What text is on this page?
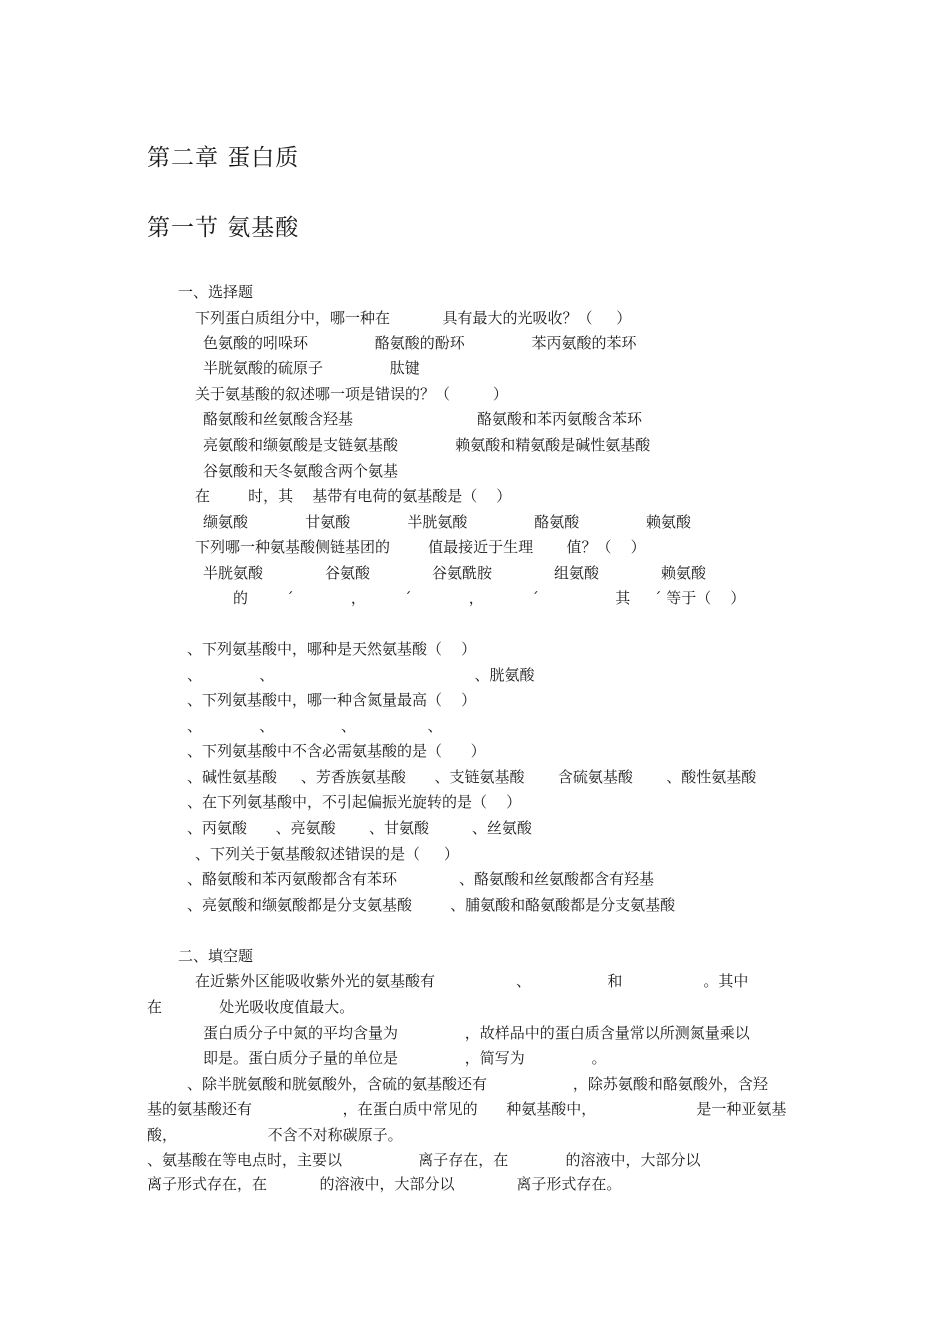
第二章 蛋白质
第一节 氨基酸
一、选择题
下列蛋白质组分中，哪一种在           具有最大的光吸收？（     ）
色氨酸的吲哚环              酪氨酸的酚环              苯丙氨酸的苯环
半胱氨酸的硫原子              肽键
关于氨基酸的叙述哪一项是错误的？（         ）
酪氨酸和丝氨酸含羟基                          酪氨酸和苯丙氨酸含苯环
亮氨酸和缬氨酸是支链氨基酸            赖氨酸和精氨酸是碱性氨基酸
谷氨酸和天冬氨酸含两个氨基
在        时，其    基带有电荷的氨基酸是（    ）
缬氨酸            甘氨酸            半胱氨酸              酪氨酸              赖氨酸
下列哪一种氨基酸侧链基团的        值最接近于生理       值？（    ）
半胱氨酸             谷氨酸             谷氨酰胺             组氨酸             赖氨酸
的        ˊ            ，        ˊ            ，          ˊ                其     ˊ 等于（    ）
、下列氨基酸中，哪种是天然氨基酸（    ）
、            、                                          、胱氨酸
、下列氨基酸中，哪一种含氮量最高（    ）
、            、              、               、
、下列氨基酸中不含必需氨基酸的是（      ）
、碱性氨基酸     、芳香族氨基酸      、支链氨基酸       含硫氨基酸       、酸性氨基酸
、在下列氨基酸中，不引起偏振光旋转的是（    ）
、丙氨酸      、亮氨酸       、甘氨酸         、丝氨酸
、下列关于氨基酸叙述错误的是（     ）
、酪氨酸和苯丙氨酸都含有苯环             、酪氨酸和丝氨酸都含有羟基
、亮氨酸和缬氨酸都是分支氨基酸        、脯氨酸和酪氨酸都是分支氨基酸
二、填空题
在近紫外区能吸收紫外光的氨基酸有                 、                和                 。其中
在            处光吸收度值最大。
蛋白质分子中氮的平均含量为              ，故样品中的蛋白质含量常以所测氮量乘以
即是。蛋白质分子量的单位是              ，简写为              。
、除半胱氨酸和胱氨酸外，含硫的氨基酸还有                  ，除苏氨酸和酪氨酸外，含羟
基的氨基酸还有                   ，在蛋白质中常见的      种氨基酸中，                     是一种亚氨基
酸，                   不含不对称碳原子。
、氨基酸在等电点时，主要以                离子存在，在            的溶液中，大部分以
离子形式存在，在           的溶液中，大部分以             离子形式存在。
